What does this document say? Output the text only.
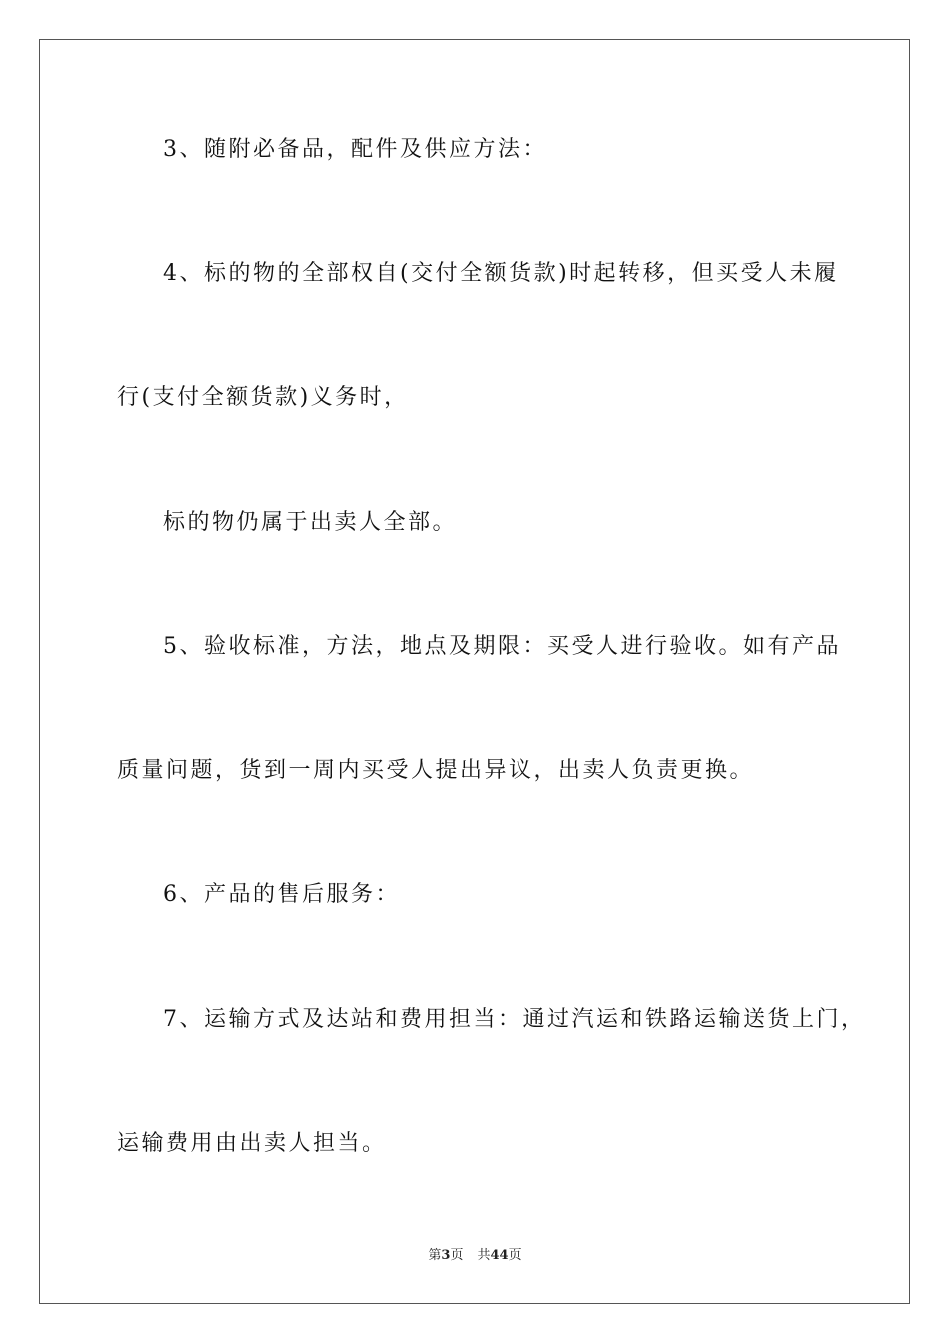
3、随附必备品，配件及供应方法：
4、标的物的全部权自(交付全额货款)时起转移，但买受人未履
行(支付全额货款)义务时，
标的物仍属于出卖人全部。
5、验收标准，方法，地点及期限：买受人进行验收。如有产品
质量问题，货到一周内买受人提出异议，出卖人负责更换。
6、产品的售后服务：
7、运输方式及达站和费用担当：通过汽运和铁路运输送货上门，
运输费用由出卖人担当。
第3页 共44页
